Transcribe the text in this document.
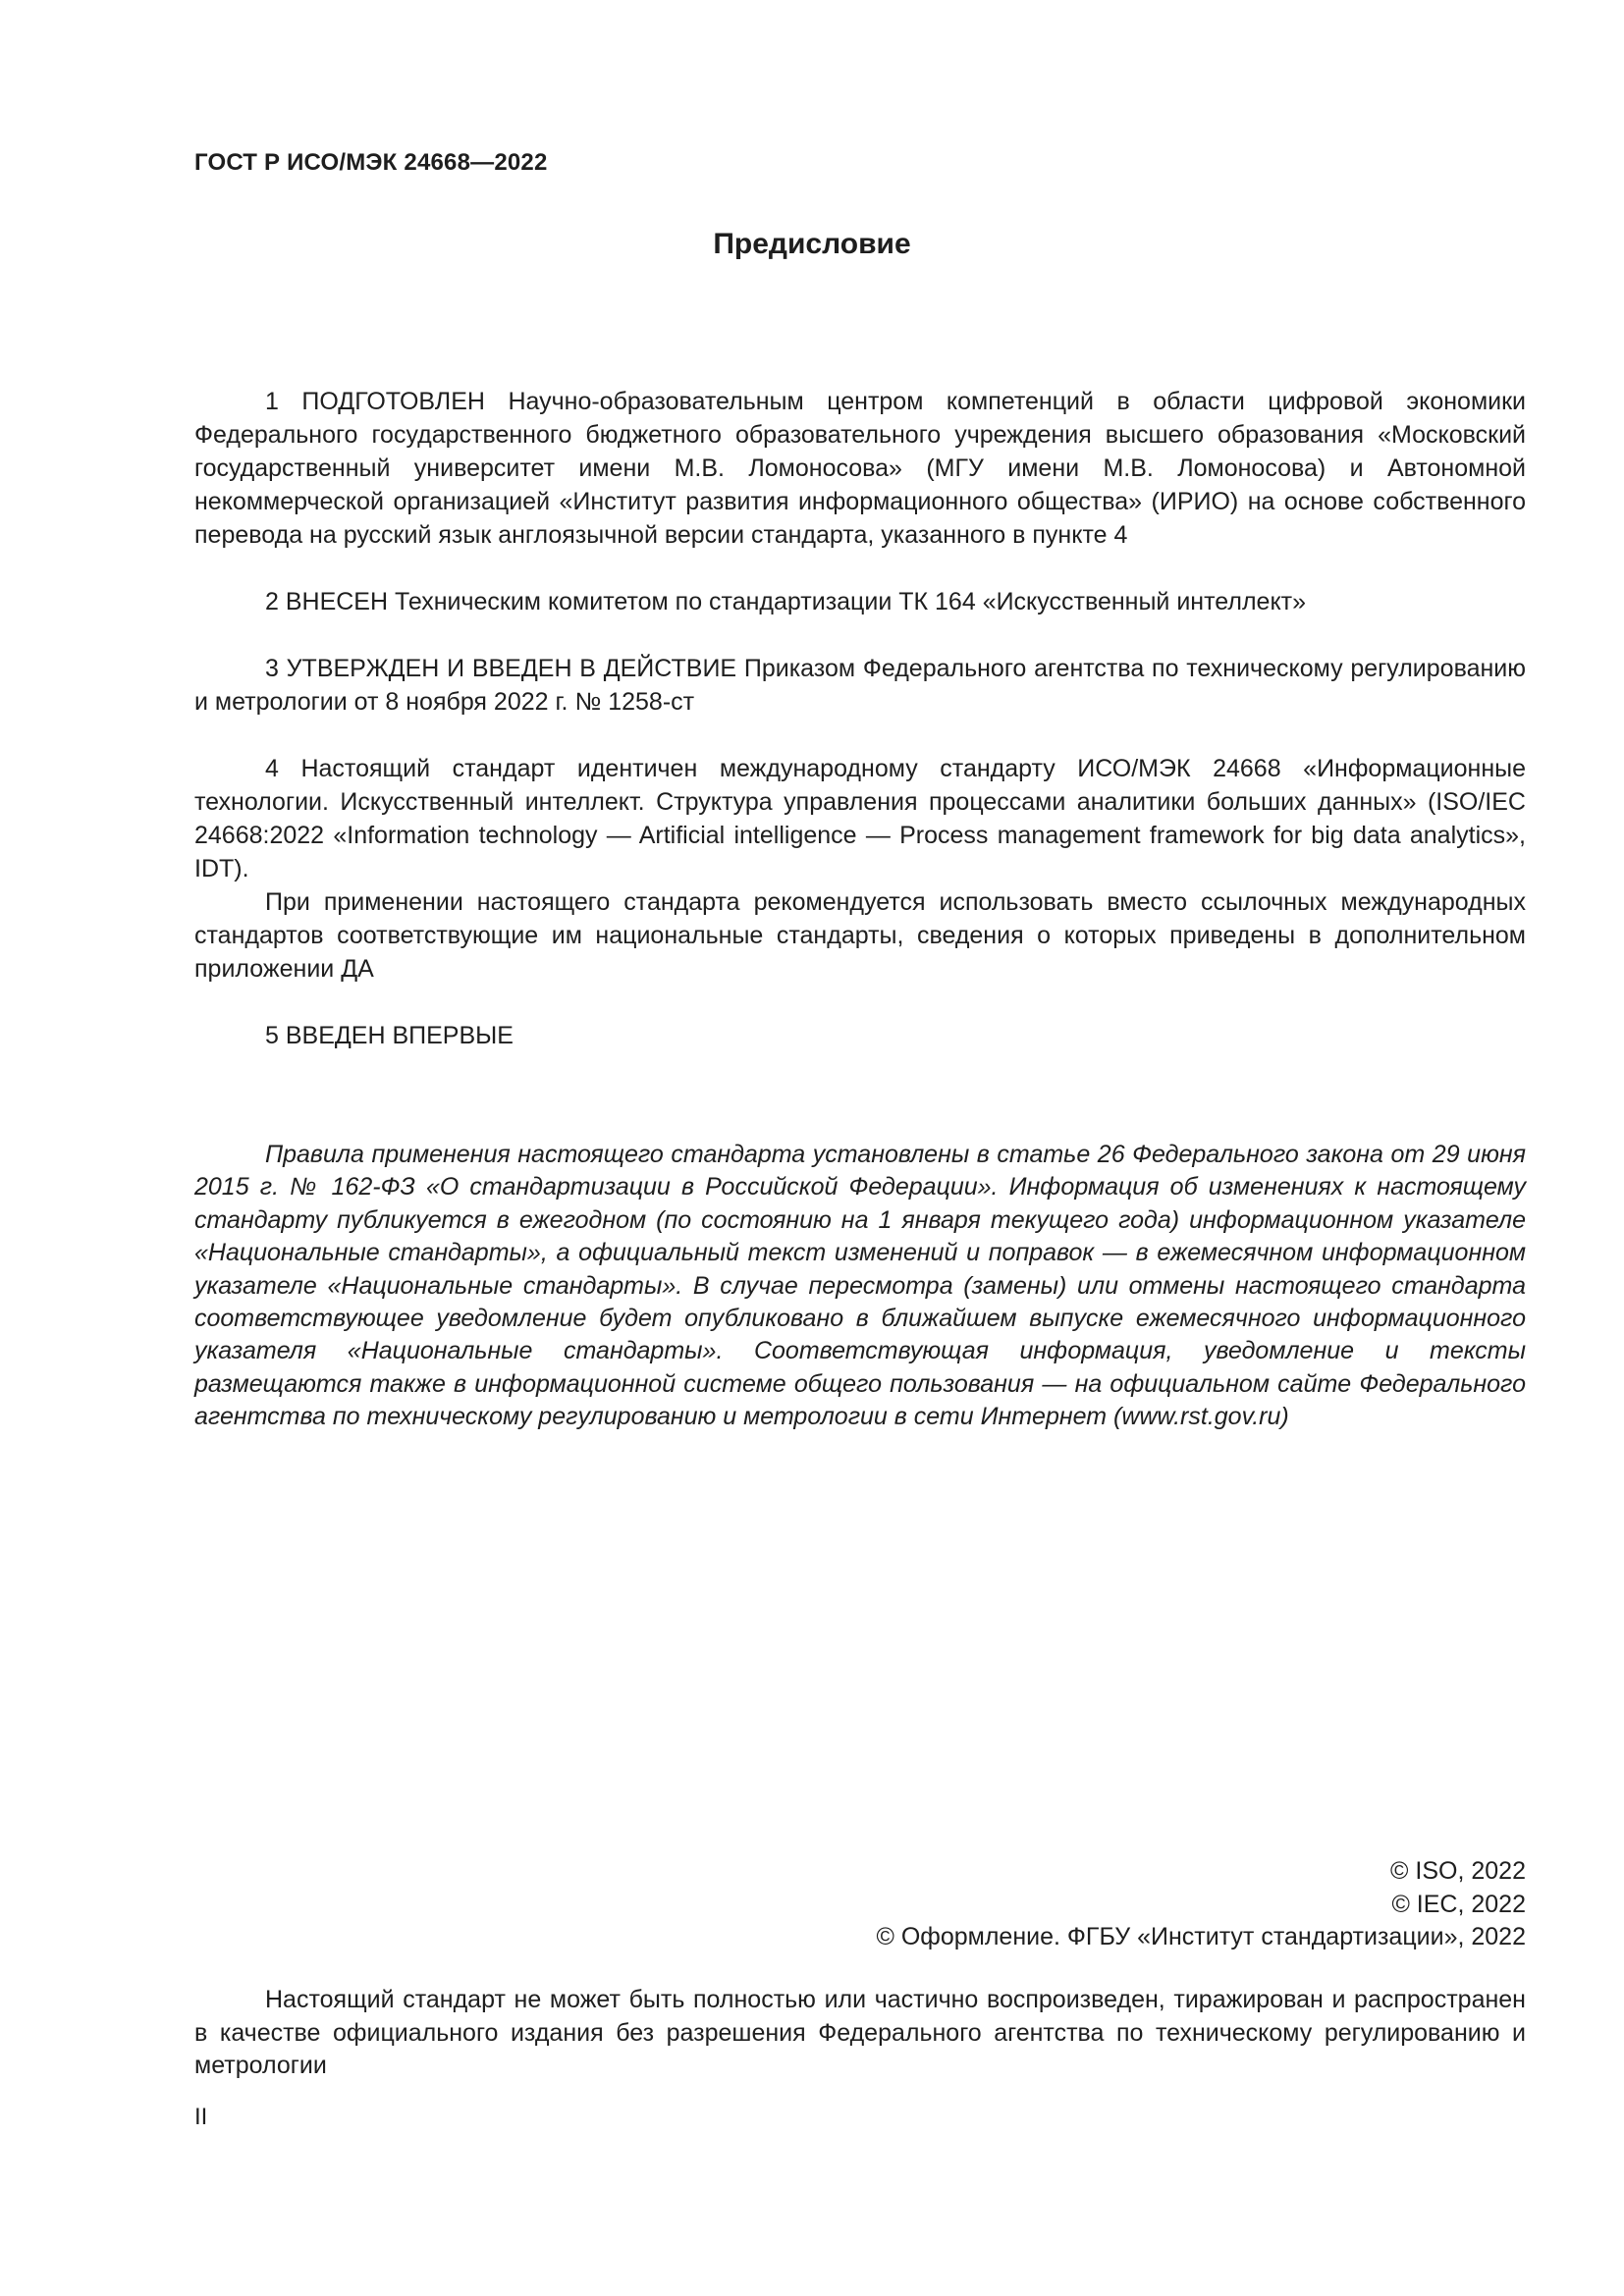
ГОСТ Р ИСО/МЭК 24668—2022
Предисловие

1 ПОДГОТОВЛЕН Научно-образовательным центром компетенций в области цифровой экономики Федерального государственного бюджетного образовательного учреждения высшего образования «Московский государственный университет имени М.В. Ломоносова» (МГУ имени М.В. Ломоносова) и Автономной некоммерческой организацией «Институт развития информационного общества» (ИРИО) на основе собственного перевода на русский язык англоязычной версии стандарта, указанного в пункте 4

2 ВНЕСЕН Техническим комитетом по стандартизации ТК 164 «Искусственный интеллект»

3 УТВЕРЖДЕН И ВВЕДЕН В ДЕЙСТВИЕ Приказом Федерального агентства по техническому регулированию и метрологии от 8 ноября 2022 г. № 1258-ст

4 Настоящий стандарт идентичен международному стандарту ИСО/МЭК 24668 «Информационные технологии. Искусственный интеллект. Структура управления процессами аналитики больших данных» (ISO/IEC 24668:2022 «Information technology — Artificial intelligence — Process management framework for big data analytics», IDT).

При применении настоящего стандарта рекомендуется использовать вместо ссылочных международных стандартов соответствующие им национальные стандарты, сведения о которых приведены в дополнительном приложении ДА

5 ВВЕДЕН ВПЕРВЫЕ

Правила применения настоящего стандарта установлены в статье 26 Федерального закона от 29 июня 2015 г. № 162-ФЗ «О стандартизации в Российской Федерации». Информация об изменениях к настоящему стандарту публикуется в ежегодном (по состоянию на 1 января текущего года) информационном указателе «Национальные стандарты», а официальный текст изменений и поправок — в ежемесячном информационном указателе «Национальные стандарты». В случае пересмотра (замены) или отмены настоящего стандарта соответствующее уведомление будет опубликовано в ближайшем выпуске ежемесячного информационного указателя «Национальные стандарты». Соответствующая информация, уведомление и тексты размещаются также в информационной системе общего пользования — на официальном сайте Федерального агентства по техническому регулированию и метрологии в сети Интернет (www.rst.gov.ru)

© ISO, 2022
© IEC, 2022
© Оформление. ФГБУ «Институт стандартизации», 2022

Настоящий стандарт не может быть полностью или частично воспроизведен, тиражирован и распространен в качестве официального издания без разрешения Федерального агентства по техническому регулированию и метрологии

II
